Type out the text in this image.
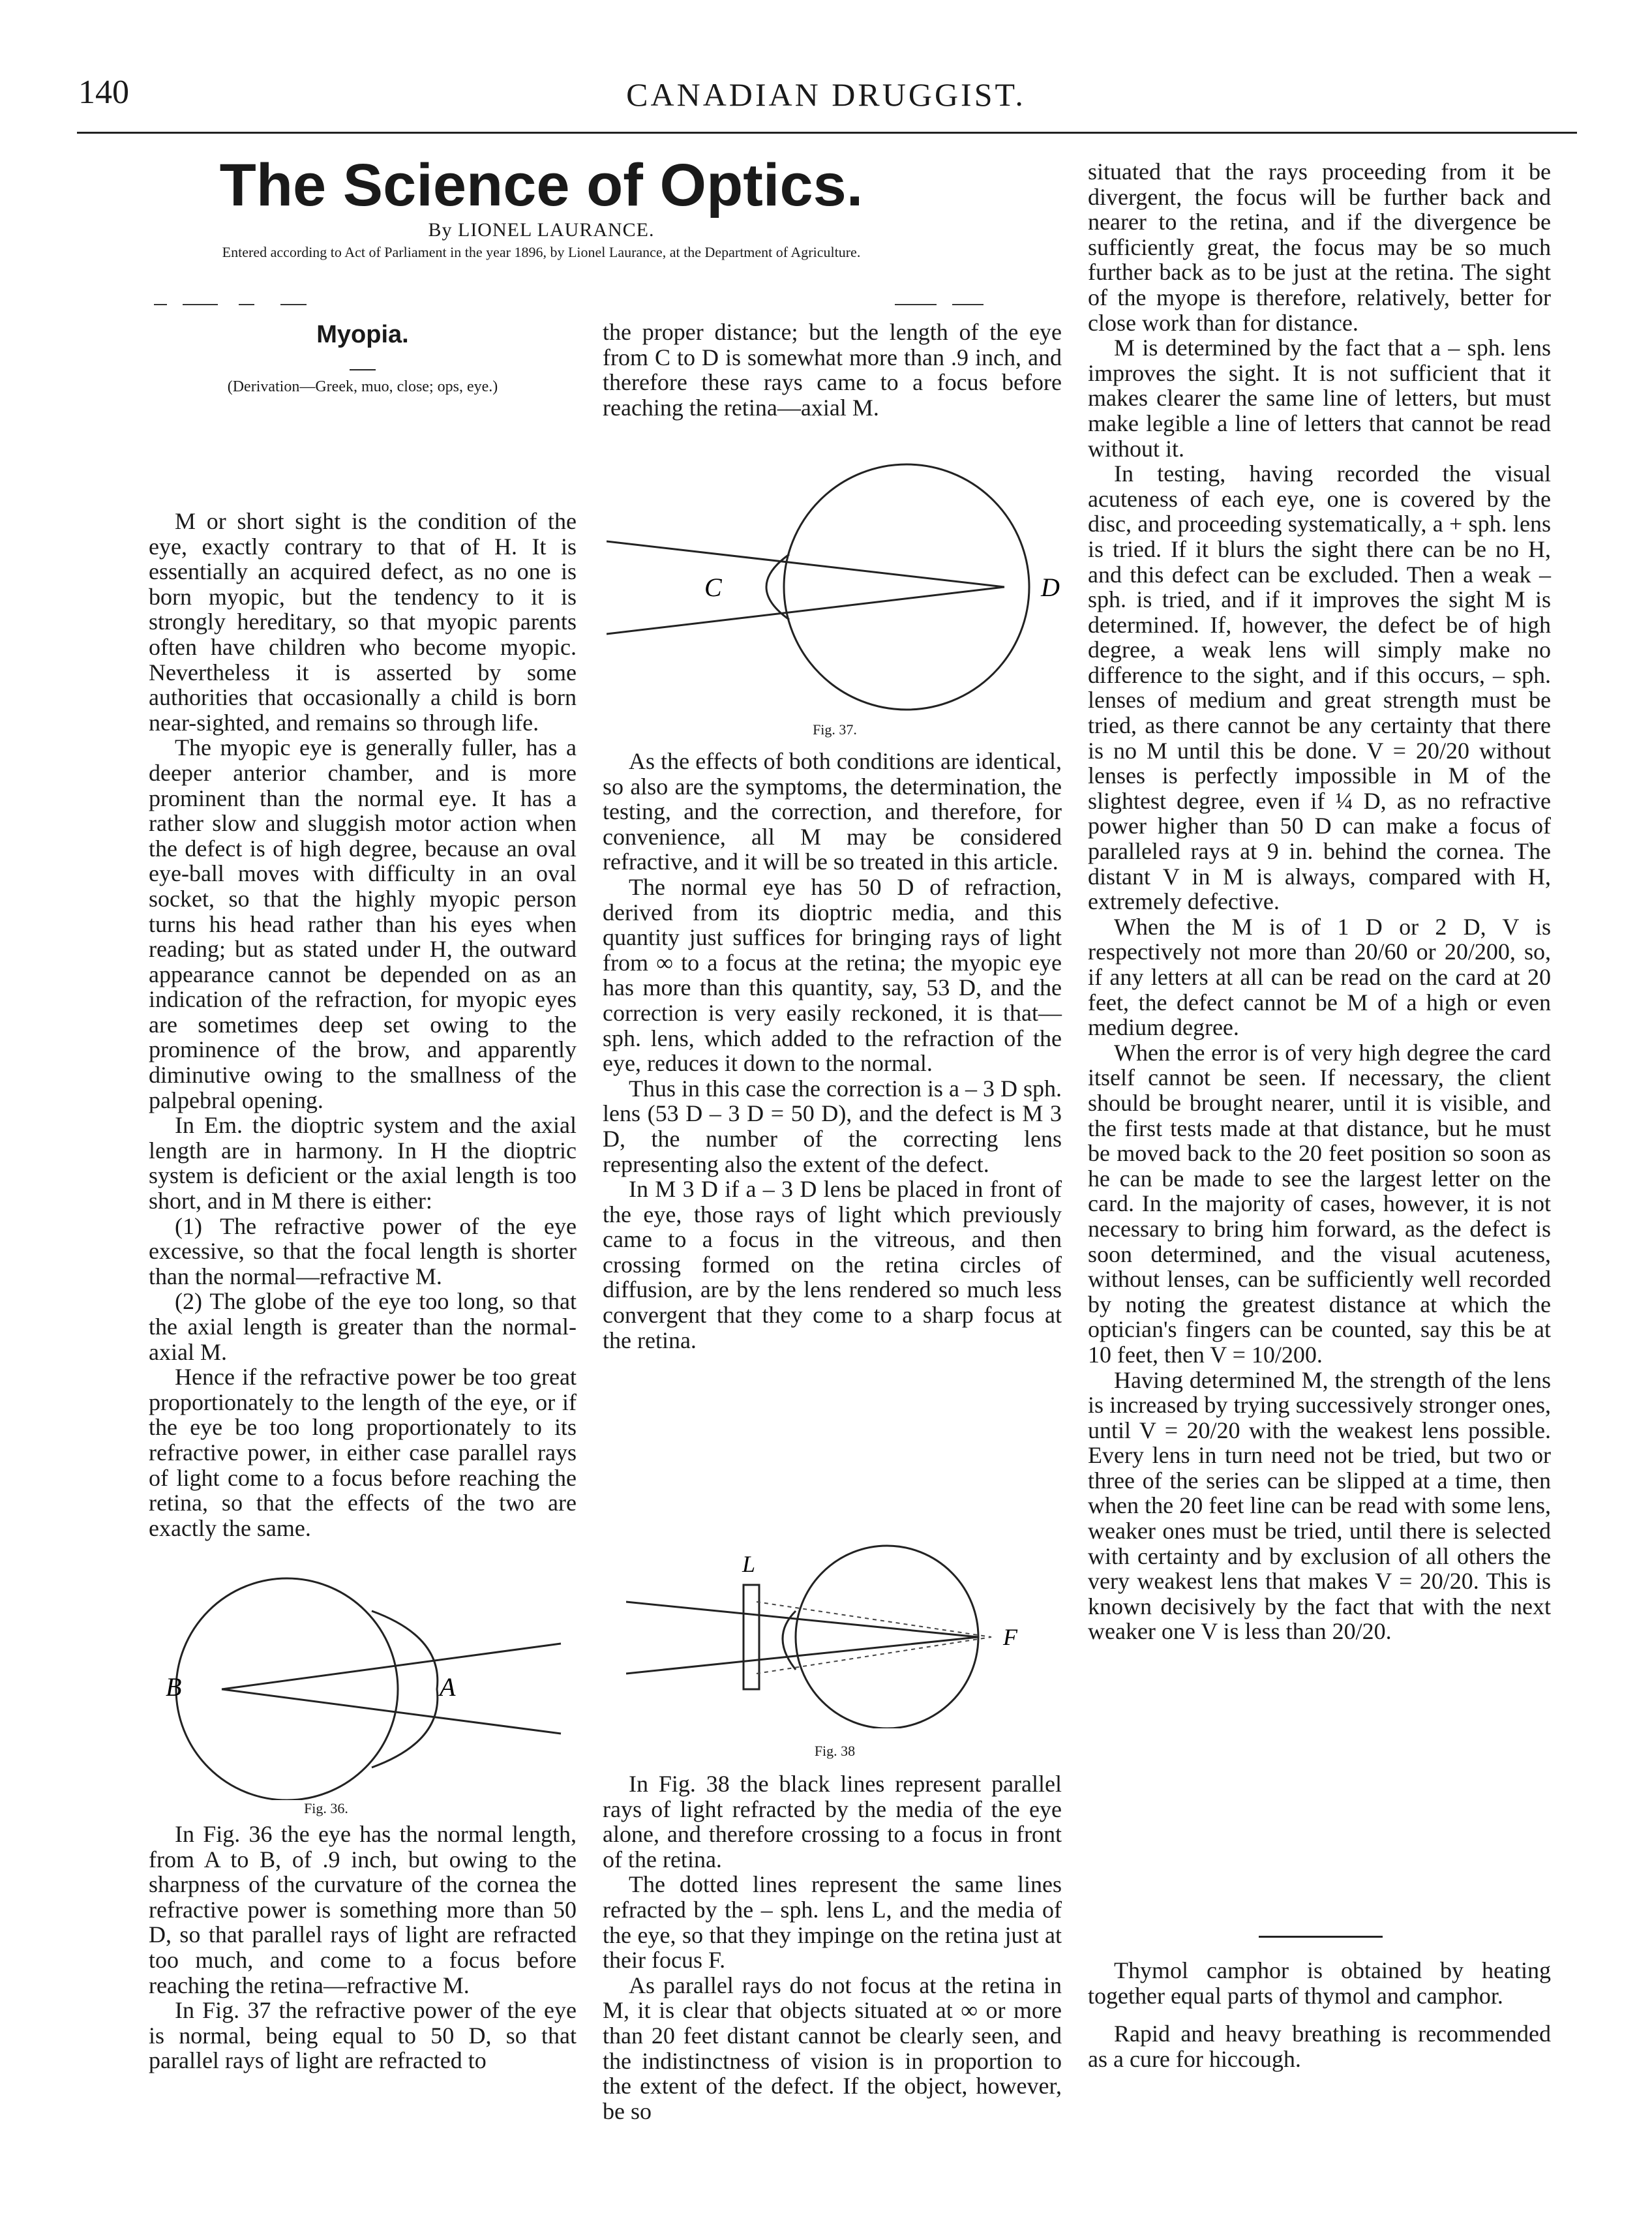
140	CANADIAN DRUGGIST.
The Science of Optics.
By LIONEL LAURANCE.
Entered according to Act of Parliament in the year 1896, by Lionel Laurance, at the Department of Agriculture.
Myopia.
(Derivation—Greek, muo, close; ops, eye.)

M or short sight is the condition of the eye, exactly contrary to that of H. It is essentially an acquired defect, as no one is born myopic, but the tendency to it is strongly hereditary, so that myopic parents often have children who become myopic. Nevertheless it is asserted by some authorities that occasionally a child is born near-sighted, and remains so through life.

The myopic eye is generally fuller, has a deeper anterior chamber, and is more prominent than the normal eye. It has a rather slow and sluggish motor action when the defect is of high degree, because an oval eye-ball moves with difficulty in an oval socket, so that the highly myopic person turns his head rather than his eyes when reading; but as stated under H, the outward appearance cannot be depended on as an indication of the refraction, for myopic eyes are sometimes deep set owing to the prominence of the brow, and apparently diminutive owing to the smallness of the palpebral opening.

In Em. the dioptric system and the axial length are in harmony. In H the dioptric system is deficient or the axial length is too short, and in M there is either:

(1) The refractive power of the eye excessive, so that the focal length is shorter than the normal—refractive M.

(2) The globe of the eye too long, so that the axial length is greater than the normal-axial M.

Hence if the refractive power be too great proportionately to the length of the eye, or if the eye be too long proportionately to its refractive power, in either case parallel rays of light come to a focus before reaching the retina, so that the effects of the two are exactly the same.

B	A
Fig. 36.

In Fig. 36 the eye has the normal length, from A to B, of .9 inch, but owing to the sharpness of the curvature of the cornea the refractive power is something more than 50 D, so that parallel rays of light are refracted too much, and come to a focus before reaching the retina—refractive M.

In Fig. 37 the refractive power of the eye is normal, being equal to 50 D, so that parallel rays of light are refracted to

the proper distance; but the length of the eye from C to D is somewhat more than .9 inch, and therefore these rays came to a focus before reaching the retina—axial M.

C	D
Fig. 37.

As the effects of both conditions are identical, so also are the symptoms, the determination, the testing, and the correction, and therefore, for convenience, all M may be considered refractive, and it will be so treated in this article.

The normal eye has 50 D of refraction, derived from its dioptric media, and this quantity just suffices for bringing rays of light from ∞ to a focus at the retina; the myopic eye has more than this quantity, say, 53 D, and the correction is very easily reckoned, it is that—sph. lens, which added to the refraction of the eye, reduces it down to the normal.

Thus in this case the correction is a – 3 D sph. lens (53 D – 3 D = 50 D), and the defect is M 3 D, the number of the correcting lens representing also the extent of the defect.

In M 3 D if a – 3 D lens be placed in front of the eye, those rays of light which previously came to a focus in the vitreous, and then crossing formed on the retina circles of diffusion, are by the lens rendered so much less convergent that they come to a sharp focus at the retina.

L
F
Fig. 38

In Fig. 38 the black lines represent parallel rays of light refracted by the media of the eye alone, and therefore crossing to a focus in front of the retina.

The dotted lines represent the same lines refracted by the – sph. lens L, and the media of the eye, so that they impinge on the retina just at their focus F.

As parallel rays do not focus at the retina in M, it is clear that objects situated at ∞ or more than 20 feet distant cannot be clearly seen, and the indistinctness of vision is in proportion to the extent of the defect. If the object, however, be so

situated that the rays proceeding from it be divergent, the focus will be further back and nearer to the retina, and if the divergence be sufficiently great, the focus may be so much further back as to be just at the retina. The sight of the myope is therefore, relatively, better for close work than for distance.

M is determined by the fact that a – sph. lens improves the sight. It is not sufficient that it makes clearer the same line of letters, but must make legible a line of letters that cannot be read without it.

In testing, having recorded the visual acuteness of each eye, one is covered by the disc, and proceeding systematically, a + sph. lens is tried. If it blurs the sight there can be no H, and this defect can be excluded. Then a weak – sph. is tried, and if it improves the sight M is determined. If, however, the defect be of high degree, a weak lens will simply make no difference to the sight, and if this occurs, – sph. lenses of medium and great strength must be tried, as there cannot be any certainty that there is no M until this be done. V = 20/20 without lenses is perfectly impossible in M of the slightest degree, even if ¼ D, as no refractive power higher than 50 D can make a focus of paralleled rays at 9 in. behind the cornea. The distant V in M is always, compared with H, extremely defective.

When the M is of 1 D or 2 D, V is respectively not more than 20/60 or 20/200, so, if any letters at all can be read on the card at 20 feet, the defect cannot be M of a high or even medium degree.

When the error is of very high degree the card itself cannot be seen. If necessary, the client should be brought nearer, until it is visible, and the first tests made at that distance, but he must be moved back to the 20 feet position so soon as he can be made to see the largest letter on the card. In the majority of cases, however, it is not necessary to bring him forward, as the defect is soon determined, and the visual acuteness, without lenses, can be sufficiently well recorded by noting the greatest distance at which the optician's fingers can be counted, say this be at 10 feet, then V = 10/200.

Having determined M, the strength of the lens is increased by trying successively stronger ones, until V = 20/20 with the weakest lens possible. Every lens in turn need not be tried, but two or three of the series can be slipped at a time, then when the 20 feet line can be read with some lens, weaker ones must be tried, until there is selected with certainty and by exclusion of all others the very weakest lens that makes V = 20/20. This is known decisively by the fact that with the next weaker one V is less than 20/20.

Thymol camphor is obtained by heating together equal parts of thymol and camphor.

Rapid and heavy breathing is recommended as a cure for hiccough.
